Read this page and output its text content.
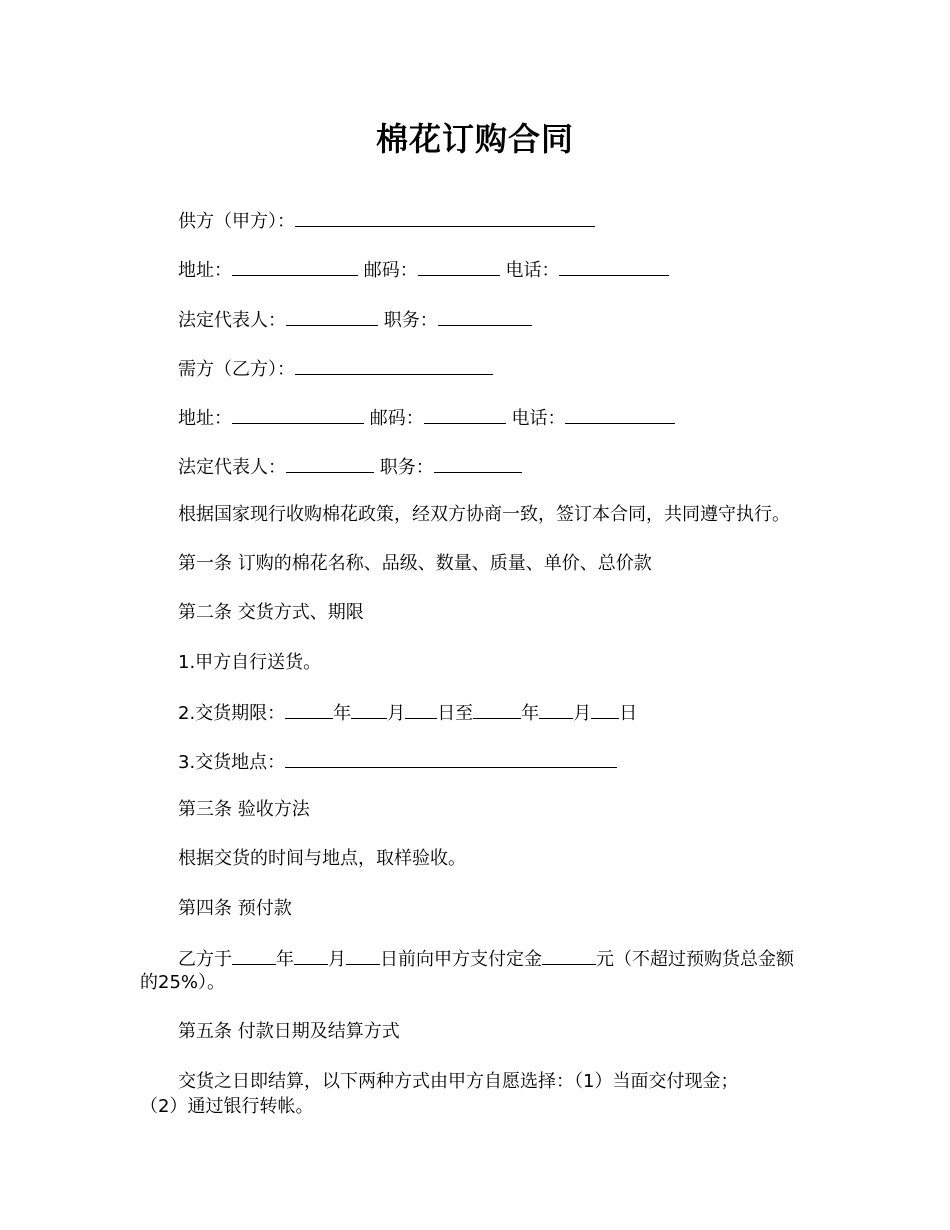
棉花订购合同
供方（甲方）：
地址：	邮码：	电话：
法定代表人：	职务：
需方（乙方）：
地址：	邮码：	电话：
法定代表人：	职务：
根据国家现行收购棉花政策，经双方协商一致，签订本合同，共同遵守执行。
第一条 订购的棉花名称、品级、数量、质量、单价、总价款
第二条 交货方式、期限
1.甲方自行送货。
2.交货期限：	年 月 日至	年 月 日
3.交货地点：
第三条 验收方法
根据交货的时间与地点，取样验收。
第四条 预付款
乙方于 年 月 日前向甲方支付定金	元（不超过预购货总金额
的25%）。
第五条 付款日期及结算方式
交货之日即结算，以下两种方式由甲方自愿选择：（1）当面交付现金；
（2）通过银行转帐。
